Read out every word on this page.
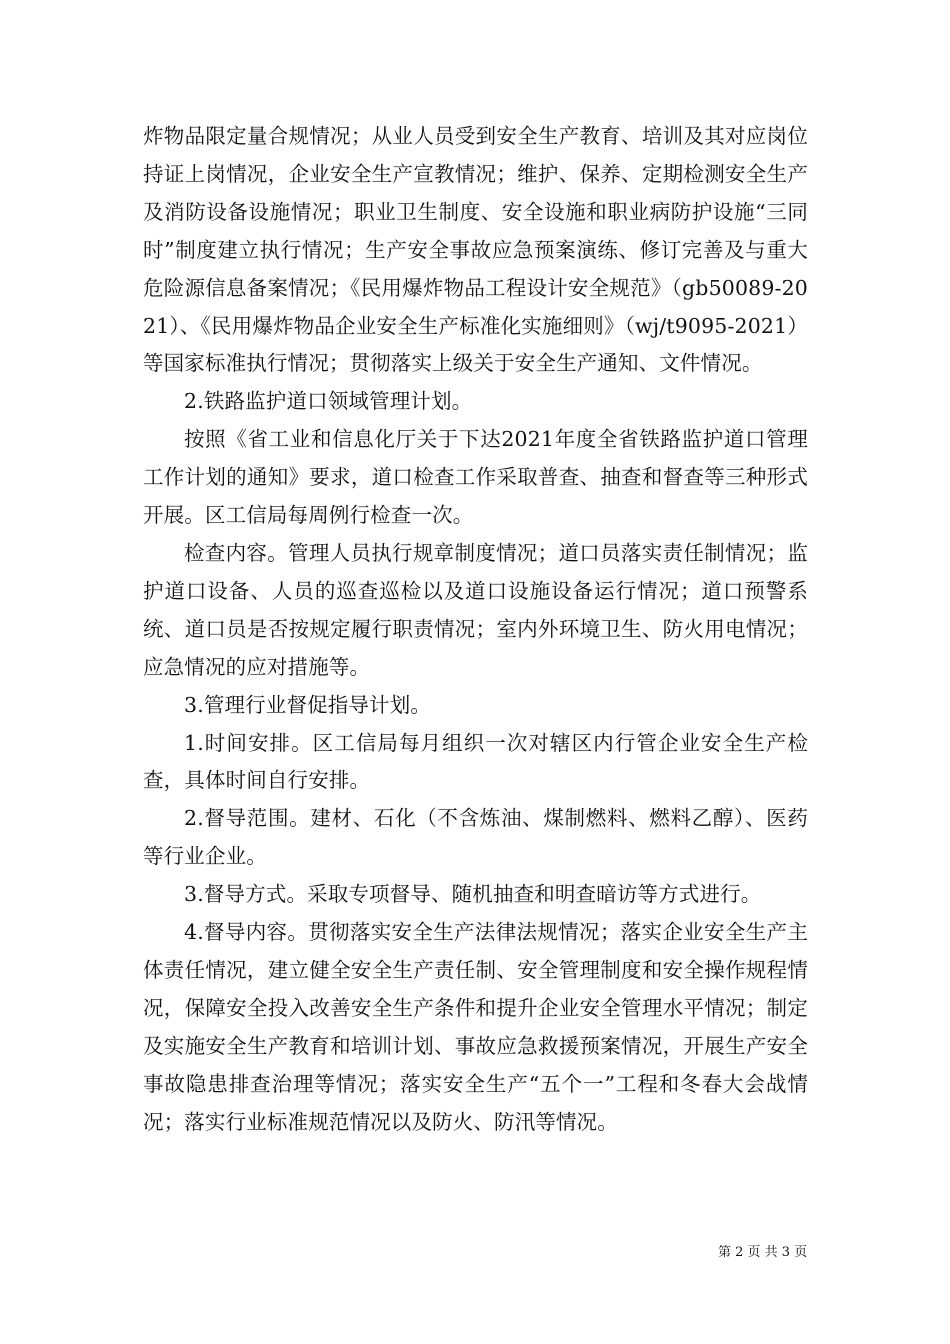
炸物品限定量合规情况；从业人员受到安全生产教育、培训及其对应岗位持证上岗情况，企业安全生产宣教情况；维护、保养、定期检测安全生产及消防设备设施情况；职业卫生制度、安全设施和职业病防护设施“三同时”制度建立执行情况；生产安全事故应急预案演练、修订完善及与重大危险源信息备案情况；《民用爆炸物品工程设计安全规范》（gb50089-2021）、《民用爆炸物品企业安全生产标准化实施细则》（wj/t9095-2021）等国家标准执行情况；贯彻落实上级关于安全生产通知、文件情况。

2.铁路监护道口领域管理计划。

按照《省工业和信息化厅关于下达2021年度全省铁路监护道口管理工作计划的通知》要求，道口检查工作采取普查、抽查和督查等三种形式开展。区工信局每周例行检查一次。

检查内容。管理人员执行规章制度情况；道口员落实责任制情况；监护道口设备、人员的巡查巡检以及道口设施设备运行情况；道口预警系统、道口员是否按规定履行职责情况；室内外环境卫生、防火用电情况；应急情况的应对措施等。

3.管理行业督促指导计划。

1.时间安排。区工信局每月组织一次对辖区内行管企业安全生产检查，具体时间自行安排。

2.督导范围。建材、石化（不含炼油、煤制燃料、燃料乙醇）、医药等行业企业。

3.督导方式。采取专项督导、随机抽查和明查暗访等方式进行。

4.督导内容。贯彻落实安全生产法律法规情况；落实企业安全生产主体责任情况，建立健全安全生产责任制、安全管理制度和安全操作规程情况，保障安全投入改善安全生产条件和提升企业安全管理水平情况；制定及实施安全生产教育和培训计划、事故应急救援预案情况，开展生产安全事故隐患排查治理等情况；落实安全生产“五个一”工程和冬春大会战情况；落实行业标准规范情况以及防火、防汛等情况。

第 2 页 共 3 页
